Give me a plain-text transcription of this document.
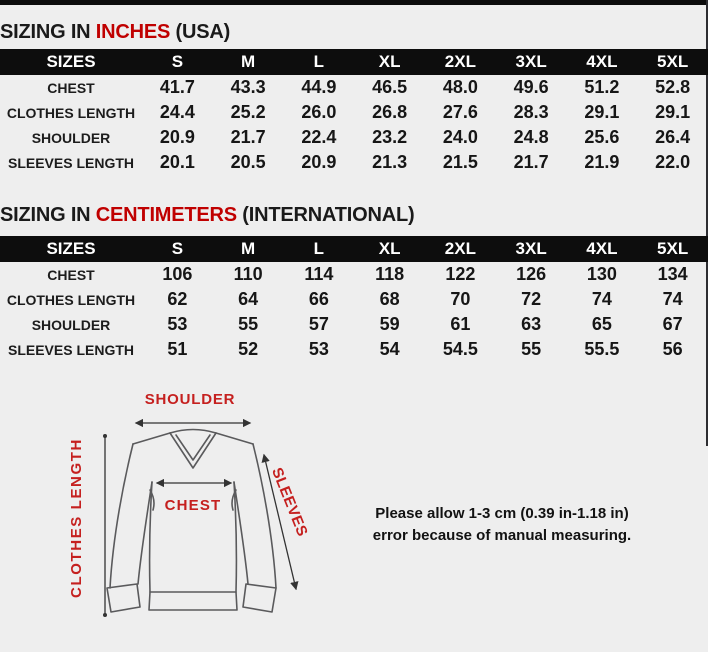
SIZING IN INCHES (USA)
SIZES	S	M	L	XL	2XL	3XL	4XL	5XL
CHEST	41.7	43.3	44.9	46.5	48.0	49.6	51.2	52.8
CLOTHES LENGTH	24.4	25.2	26.0	26.8	27.6	28.3	29.1	29.1
SHOULDER	20.9	21.7	22.4	23.2	24.0	24.8	25.6	26.4
SLEEVES LENGTH	20.1	20.5	20.9	21.3	21.5	21.7	21.9	22.0
SIZING IN CENTIMETERS (INTERNATIONAL)
SIZES	S	M	L	XL	2XL	3XL	4XL	5XL
CHEST	106	110	114	118	122	126	130	134
CLOTHES LENGTH	62	64	66	68	70	72	74	74
SHOULDER	53	55	57	59	61	63	65	67
SLEEVES LENGTH	51	52	53	54	54.5	55	55.5	56
SHOULDER
CLOTHES LENGTH	CHEST	SLEEVES	Please allow 1-3 cm (0.39 in-1.18 in)
error because of manual measuring.
